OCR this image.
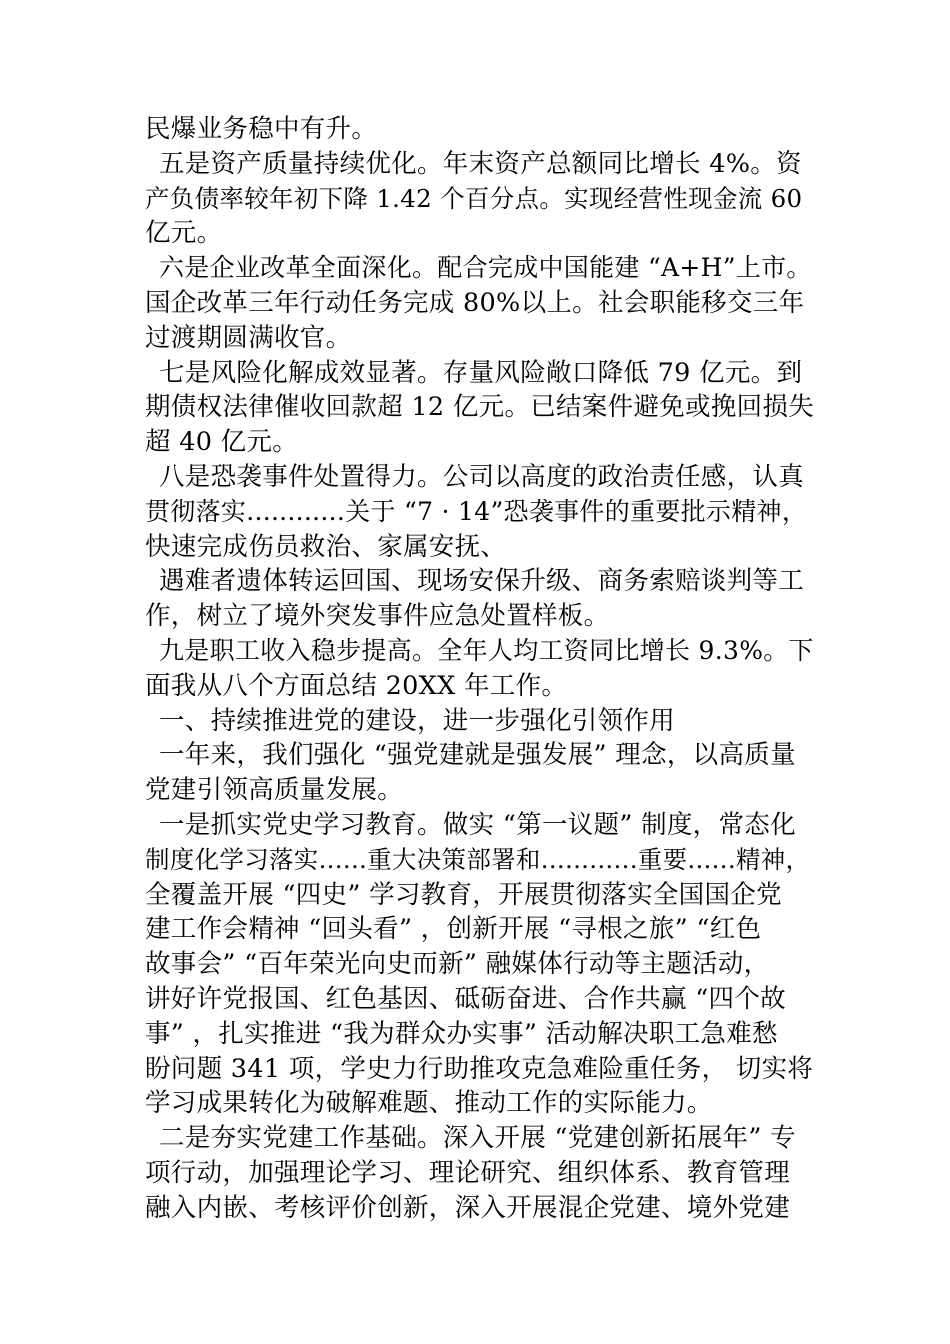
民爆业务稳中有升。
五是资产质量持续优化。年末资产总额同比增长 4%。资
产负债率较年初下降 1.42 个百分点。实现经营性现金流 60
亿元。
六是企业改革全面深化。配合完成中国能建 “A+H”上市。
国企改革三年行动任务完成 80%以上。社会职能移交三年
过渡期圆满收官。
七是风险化解成效显著。存量风险敞口降低 79 亿元。到
期债权法律催收回款超 12 亿元。已结案件避免或挽回损失
超 40 亿元。
八是恐袭事件处置得力。公司以高度的政治责任感，认真
贯彻落实............关于 “7 · 14”恐袭事件的重要批示精神，
快速完成伤员救治、家属安抚、
遇难者遗体转运回国、现场安保升级、商务索赔谈判等工
作，树立了境外突发事件应急处置样板。
九是职工收入稳步提高。全年人均工资同比增长 9.3%。下
面我从八个方面总结 20XX 年工作。
一、持续推进党的建设，进一步强化引领作用
一年来，我们强化 “强党建就是强发展” 理念，以高质量
党建引领高质量发展。
一是抓实党史学习教育。做实 “第一议题” 制度，常态化
制度化学习落实......重大决策部署和............重要......精神，
全覆盖开展 “四史” 学习教育，开展贯彻落实全国国企党
建工作会精神 “回头看” ，创新开展 “寻根之旅” “红色
故事会” “百年荣光向史而新” 融媒体行动等主题活动，
讲好许党报国、红色基因、砥砺奋进、合作共赢 “四个故
事” ，扎实推进 “我为群众办实事” 活动解决职工急难愁
盼问题 341 项，学史力行助推攻克急难险重任务， 切实将
学习成果转化为破解难题、推动工作的实际能力。
二是夯实党建工作基础。深入开展 “党建创新拓展年” 专
项行动，加强理论学习、理论研究、组织体系、教育管理
融入内嵌、考核评价创新，深入开展混企党建、境外党建
